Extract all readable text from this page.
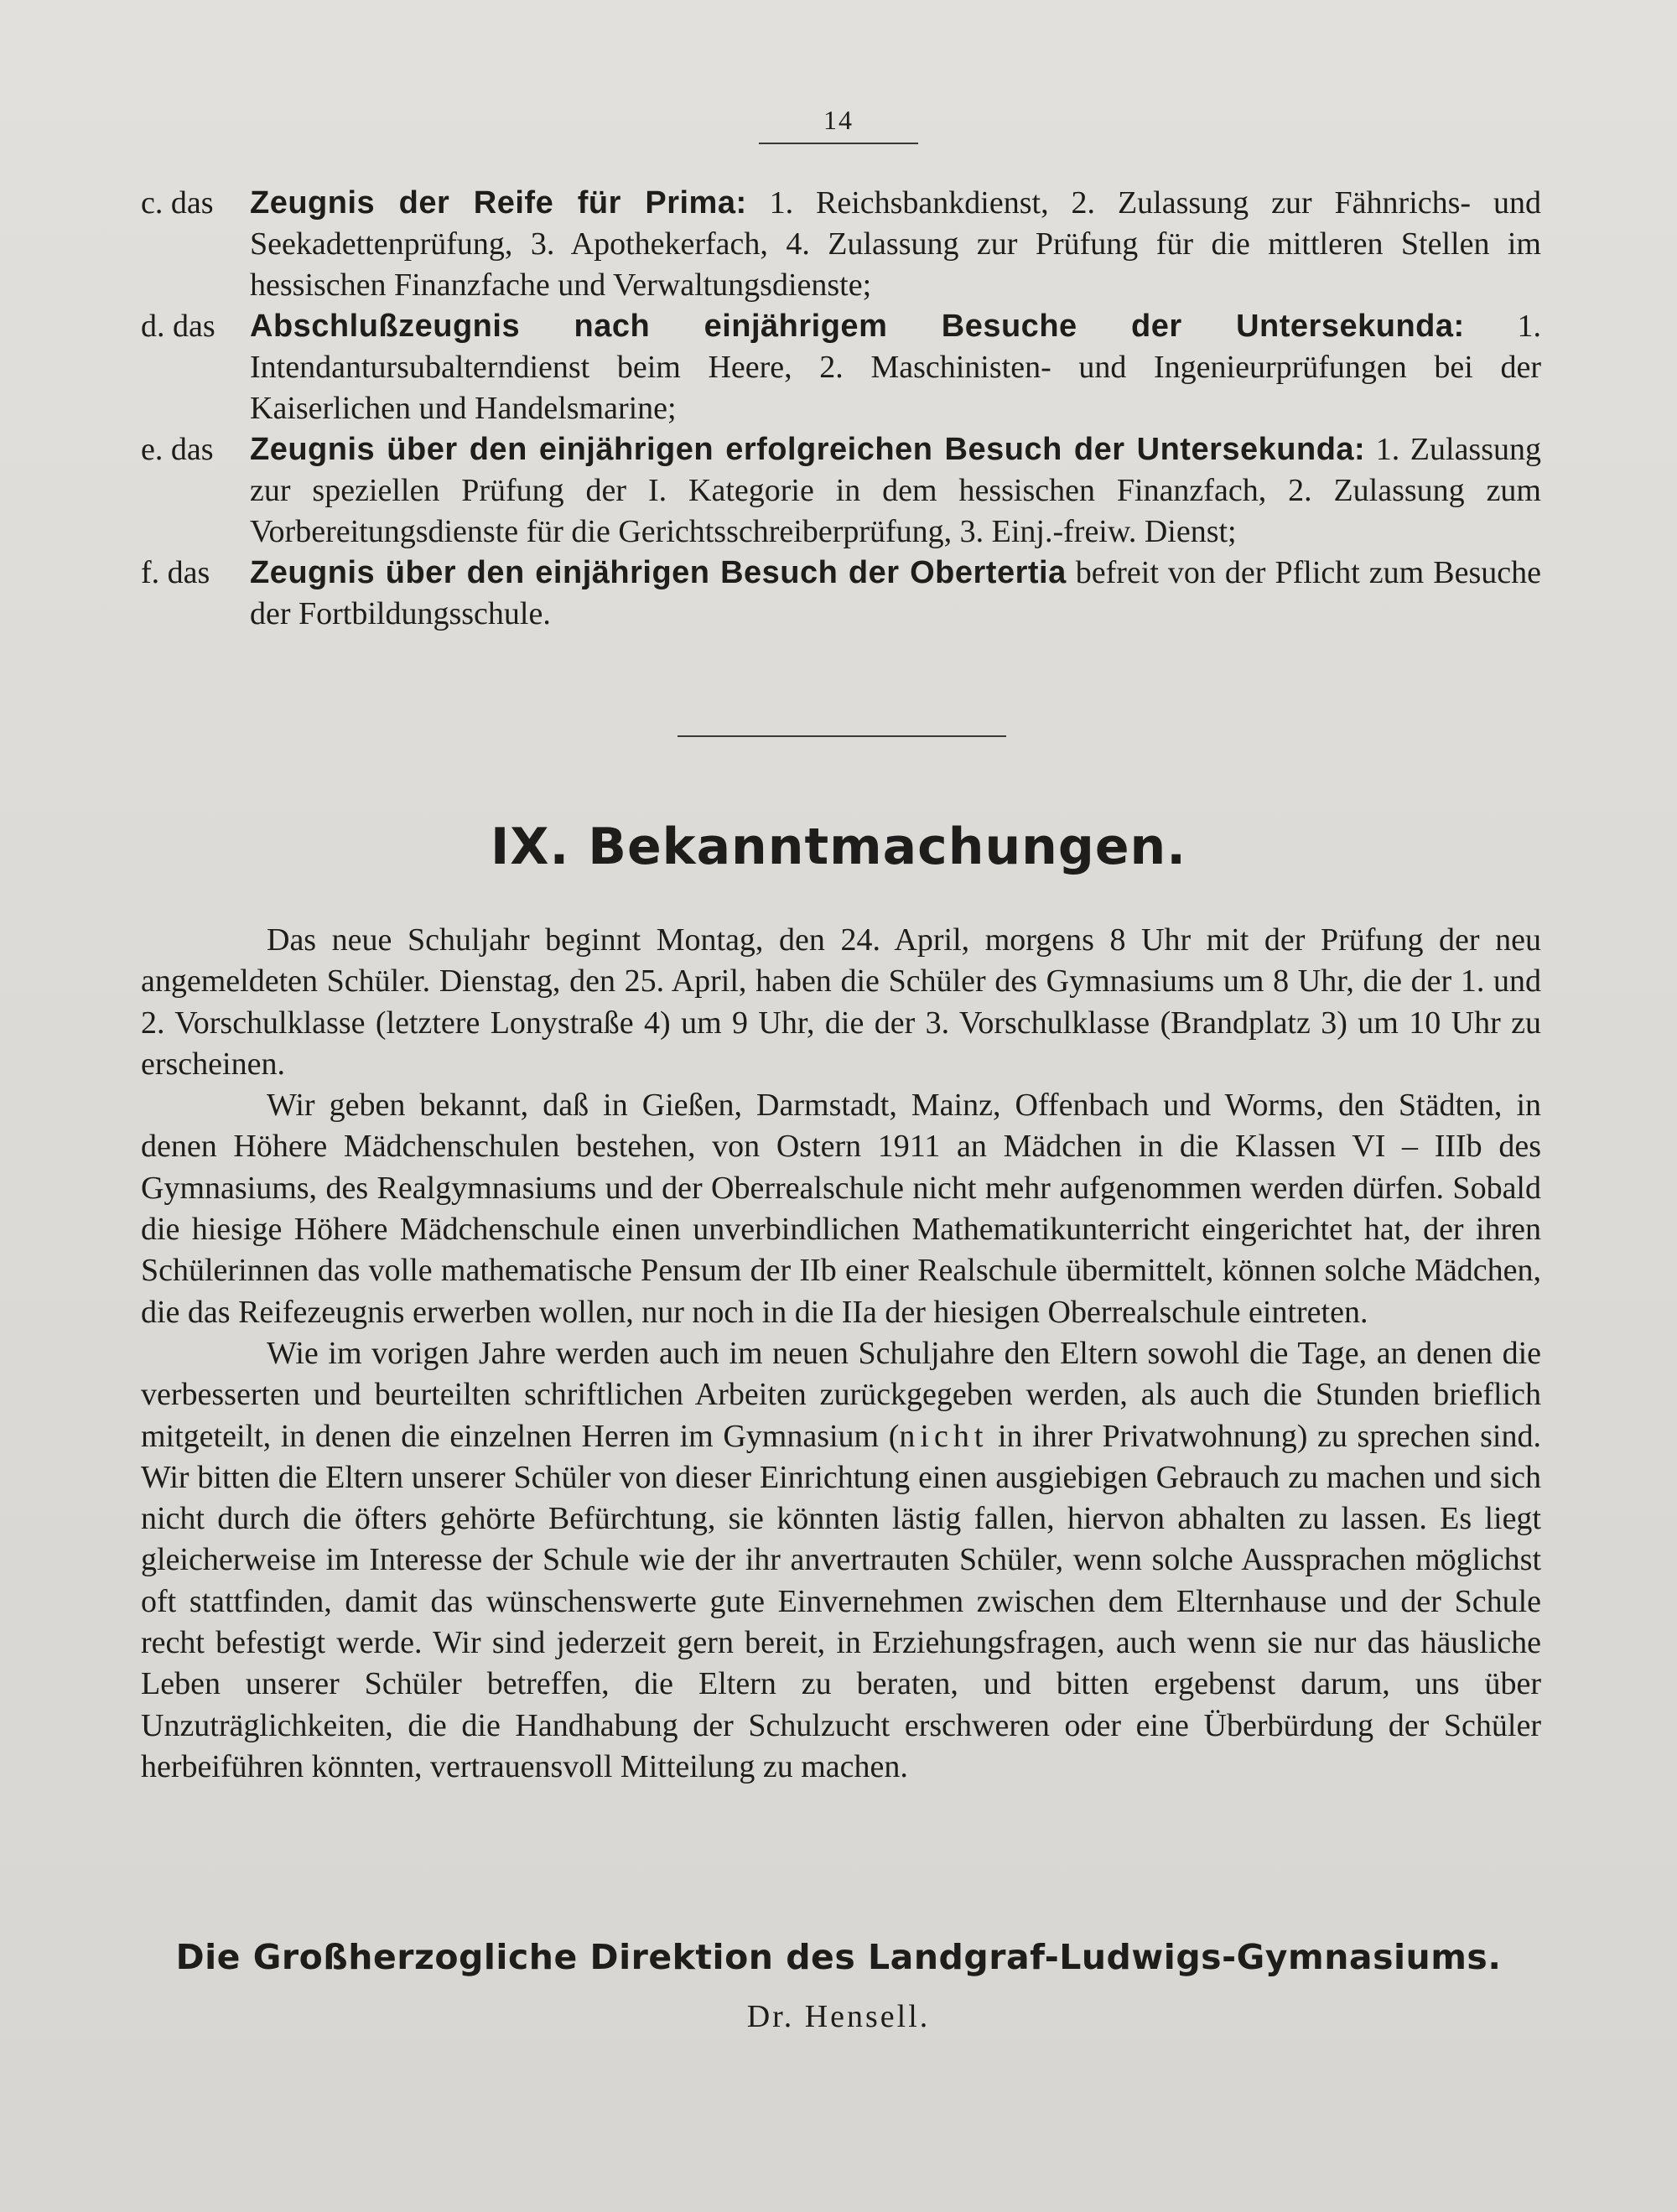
14
c. das Zeugnis der Reife für Prima: 1. Reichsbankdienst, 2. Zulassung zur Fähnrichs- und Seekadettenprüfung, 3. Apothekerfach, 4. Zulassung zur Prüfung für die mittleren Stellen im hessischen Finanzfache und Verwaltungsdienste;
d. das Abschlußzeugnis nach einjährigem Besuche der Untersekunda: 1. Intendantursubalterndienst beim Heere, 2. Maschinisten- und Ingenieurprüfungen bei der Kaiserlichen und Handelsmarine;
e. das Zeugnis über den einjährigen erfolgreichen Besuch der Untersekunda: 1. Zulassung zur speziellen Prüfung der I. Kategorie in dem hessischen Finanzfach, 2. Zulassung zum Vorbereitungsdienste für die Gerichtsschreiberprüfung, 3. Einj.-freiw. Dienst;
f. das Zeugnis über den einjährigen Besuch der Obertertia befreit von der Pflicht zum Besuche der Fortbildungsschule.
IX. Bekanntmachungen.

Das neue Schuljahr beginnt Montag, den 24. April, morgens 8 Uhr mit der Prüfung der neu angemeldeten Schüler. Dienstag, den 25. April, haben die Schüler des Gymnasiums um 8 Uhr, die der 1. und 2. Vorschulklasse (letztere Lonystraße 4) um 9 Uhr, die der 3. Vorschulklasse (Brandplatz 3) um 10 Uhr zu erscheinen.

Wir geben bekannt, daß in Gießen, Darmstadt, Mainz, Offenbach und Worms, den Städten, in denen Höhere Mädchenschulen bestehen, von Ostern 1911 an Mädchen in die Klassen VI – IIIb des Gymnasiums, des Realgymnasiums und der Oberrealschule nicht mehr aufgenommen werden dürfen. Sobald die hiesige Höhere Mädchenschule einen unverbindlichen Mathematikunterricht eingerichtet hat, der ihren Schülerinnen das volle mathematische Pensum der IIb einer Realschule übermittelt, können solche Mädchen, die das Reifezeugnis erwerben wollen, nur noch in die IIa der hiesigen Oberrealschule eintreten.

Wie im vorigen Jahre werden auch im neuen Schuljahre den Eltern sowohl die Tage, an denen die verbesserten und beurteilten schriftlichen Arbeiten zurückgegeben werden, als auch die Stunden brieflich mitgeteilt, in denen die einzelnen Herren im Gymnasium (nicht in ihrer Privatwohnung) zu sprechen sind. Wir bitten die Eltern unserer Schüler von dieser Einrichtung einen ausgiebigen Gebrauch zu machen und sich nicht durch die öfters gehörte Befürchtung, sie könnten lästig fallen, hiervon abhalten zu lassen. Es liegt gleicherweise im Interesse der Schule wie der ihr anvertrauten Schüler, wenn solche Aussprachen möglichst oft stattfinden, damit das wünschenswerte gute Einvernehmen zwischen dem Elternhause und der Schule recht befestigt werde. Wir sind jederzeit gern bereit, in Erziehungsfragen, auch wenn sie nur das häusliche Leben unserer Schüler betreffen, die Eltern zu beraten, und bitten ergebenst darum, uns über Unzuträglichkeiten, die die Handhabung der Schulzucht erschweren oder eine Überbürdung der Schüler herbeiführen könnten, vertrauensvoll Mitteilung zu machen.

Die Großherzogliche Direktion des Landgraf-Ludwigs-Gymnasiums.
Dr. Hensell.
